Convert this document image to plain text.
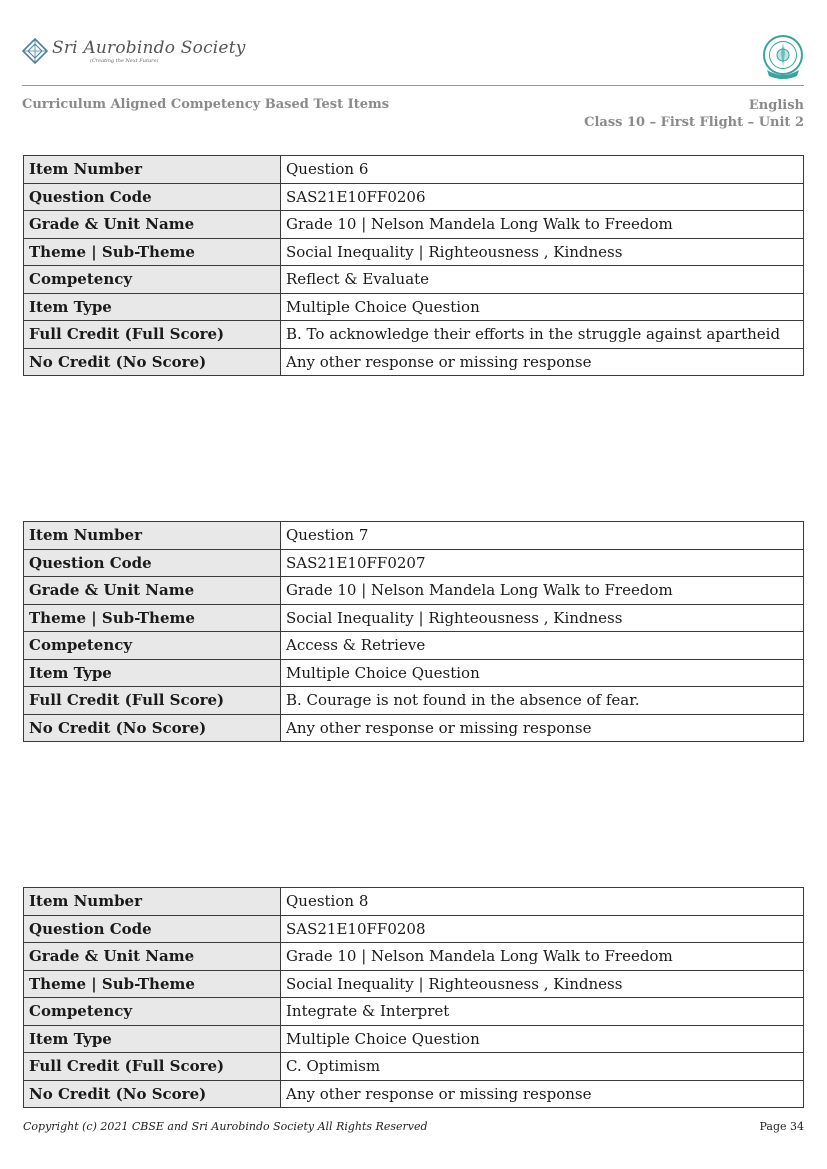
Sri Aurobindo Society
(Creating the Next Future)
Curriculum Aligned Competency Based Test Items	English
Class 10 – First Flight – Unit 2
Item Number	Question 6
Question Code	SAS21E10FF0206
Grade & Unit Name	Grade 10 | Nelson Mandela Long Walk to Freedom
Theme | Sub-Theme	Social Inequality | Righteousness , Kindness
Competency	Reflect & Evaluate
Item Type	Multiple Choice Question
Full Credit (Full Score)	B. To acknowledge their efforts in the struggle against apartheid
No Credit (No Score)	Any other response or missing response
Item Number	Question 7
Question Code	SAS21E10FF0207
Grade & Unit Name	Grade 10 | Nelson Mandela Long Walk to Freedom
Theme | Sub-Theme	Social Inequality | Righteousness , Kindness
Competency	Access & Retrieve
Item Type	Multiple Choice Question
Full Credit (Full Score)	B. Courage is not found in the absence of fear.
No Credit (No Score)	Any other response or missing response
Item Number	Question 8
Question Code	SAS21E10FF0208
Grade & Unit Name	Grade 10 | Nelson Mandela Long Walk to Freedom
Theme | Sub-Theme	Social Inequality | Righteousness , Kindness
Competency	Integrate & Interpret
Item Type	Multiple Choice Question
Full Credit (Full Score)	C. Optimism
No Credit (No Score)	Any other response or missing response
Copyright (c) 2021 CBSE and Sri Aurobindo Society All Rights Reserved	Page 34
